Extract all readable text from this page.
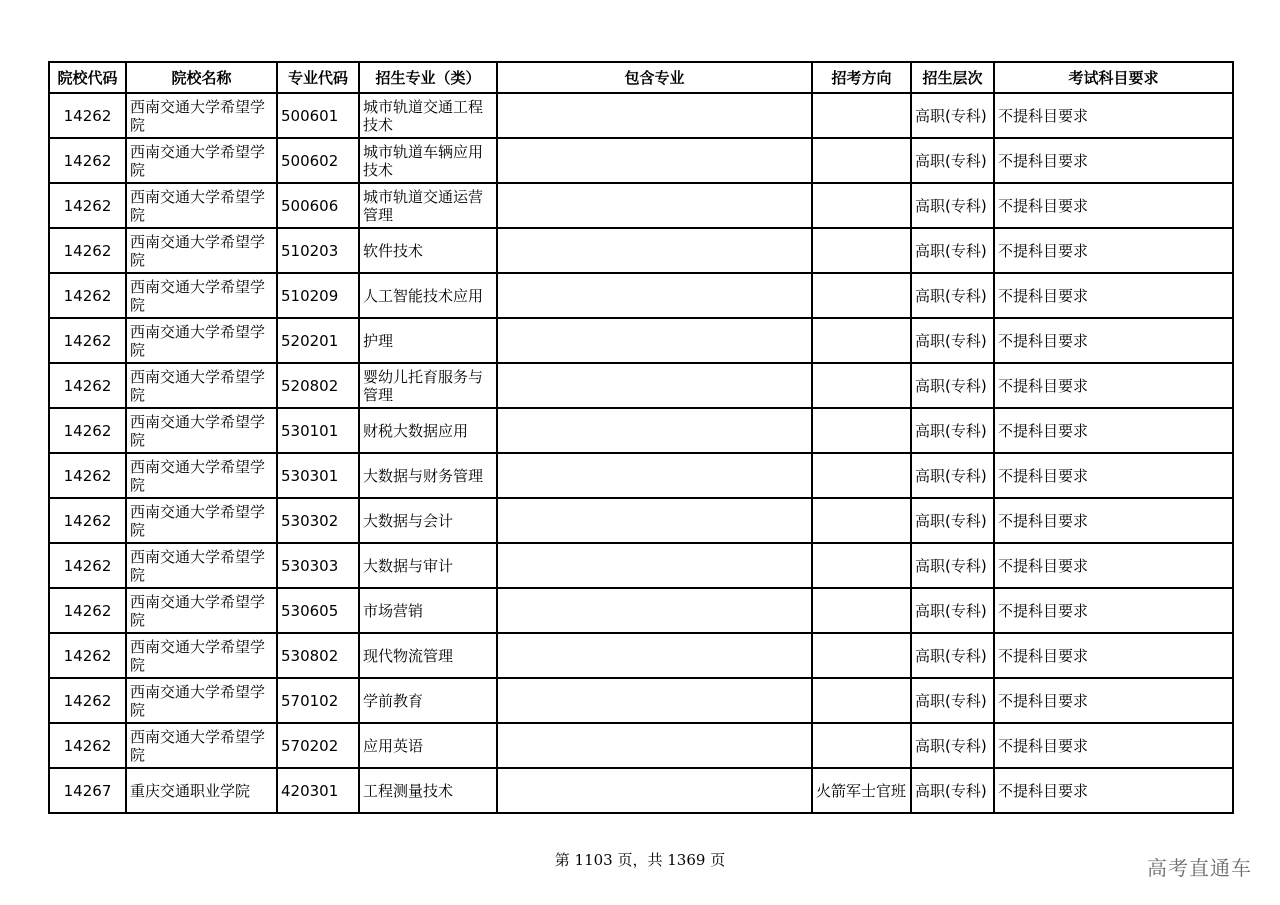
院校代码	院校名称	专业代码	招生专业（类）	包含专业	招考方向	招生层次	考试科目要求
14262	西南交通大学希望学院	500601	城市轨道交通工程技术			高职(专科)	不提科目要求
14262	西南交通大学希望学院	500602	城市轨道车辆应用技术			高职(专科)	不提科目要求
14262	西南交通大学希望学院	500606	城市轨道交通运营管理			高职(专科)	不提科目要求
14262	西南交通大学希望学院	510203	软件技术			高职(专科)	不提科目要求
14262	西南交通大学希望学院	510209	人工智能技术应用			高职(专科)	不提科目要求
14262	西南交通大学希望学院	520201	护理			高职(专科)	不提科目要求
14262	西南交通大学希望学院	520802	婴幼儿托育服务与管理			高职(专科)	不提科目要求
14262	西南交通大学希望学院	530101	财税大数据应用			高职(专科)	不提科目要求
14262	西南交通大学希望学院	530301	大数据与财务管理			高职(专科)	不提科目要求
14262	西南交通大学希望学院	530302	大数据与会计			高职(专科)	不提科目要求
14262	西南交通大学希望学院	530303	大数据与审计			高职(专科)	不提科目要求
14262	西南交通大学希望学院	530605	市场营销			高职(专科)	不提科目要求
14262	西南交通大学希望学院	530802	现代物流管理			高职(专科)	不提科目要求
14262	西南交通大学希望学院	570102	学前教育			高职(专科)	不提科目要求
14262	西南交通大学希望学院	570202	应用英语			高职(专科)	不提科目要求
14267	重庆交通职业学院	420301	工程测量技术		火箭军士官班	高职(专科)	不提科目要求
第 1103 页，共 1369 页	高考直通车
